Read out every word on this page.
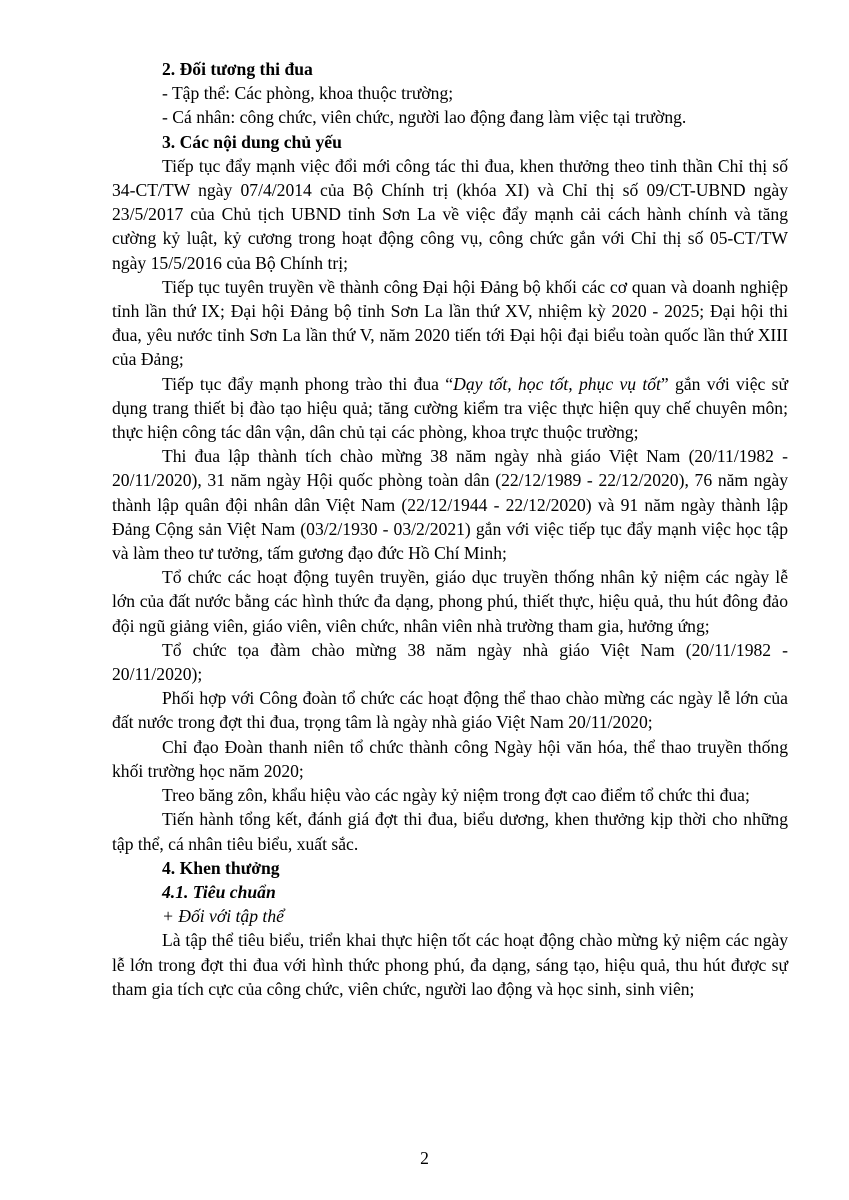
2. Đối tương thi đua

- Tập thể: Các phòng, khoa thuộc trường;

- Cá nhân: công chức, viên chức, người lao động đang làm việc tại trường.

3. Các nội dung chủ yếu

Tiếp tục đẩy mạnh việc đổi mới công tác thi đua, khen thưởng theo tinh thần Chỉ thị số 34-CT/TW ngày 07/4/2014 của Bộ Chính trị (khóa XI) và Chỉ thị số 09/CT-UBND ngày 23/5/2017 của Chủ tịch UBND tỉnh Sơn La về việc đẩy mạnh cải cách hành chính và tăng cường kỷ luật, kỷ cương trong hoạt động công vụ, công chức gắn với Chỉ thị số 05-CT/TW ngày 15/5/2016 của Bộ Chính trị;

Tiếp tục tuyên truyền về thành công Đại hội Đảng bộ khối các cơ quan và doanh nghiệp tỉnh lần thứ IX; Đại hội Đảng bộ tỉnh Sơn La lần thứ XV, nhiệm kỳ 2020 - 2025; Đại hội thi đua, yêu nước tỉnh Sơn La lần thứ V, năm 2020 tiến tới Đại hội đại biểu toàn quốc lần thứ XIII của Đảng;

Tiếp tục đẩy mạnh phong trào thi đua “Dạy tốt, học tốt, phục vụ tốt” gắn với việc sử dụng trang thiết bị đào tạo hiệu quả; tăng cường kiểm tra việc thực hiện quy chế chuyên môn; thực hiện công tác dân vận, dân chủ tại các phòng, khoa trực thuộc trường;

Thi đua lập thành tích chào mừng 38 năm ngày nhà giáo Việt Nam (20/11/1982 - 20/11/2020), 31 năm ngày Hội quốc phòng toàn dân (22/12/1989 - 22/12/2020), 76 năm ngày thành lập quân đội nhân dân Việt Nam (22/12/1944 - 22/12/2020) và 91 năm ngày thành lập Đảng Cộng sản Việt Nam (03/2/1930 - 03/2/2021) gắn với việc tiếp tục đẩy mạnh việc học tập và làm theo tư tưởng, tấm gương đạo đức Hồ Chí Minh;

Tổ chức các hoạt động tuyên truyền, giáo dục truyền thống nhân kỷ niệm các ngày lễ lớn của đất nước bằng các hình thức đa dạng, phong phú, thiết thực, hiệu quả, thu hút đông đảo đội ngũ giảng viên, giáo viên, viên chức, nhân viên nhà trường tham gia, hưởng ứng;

Tổ chức tọa đàm chào mừng 38 năm ngày nhà giáo Việt Nam (20/11/1982 - 20/11/2020);

Phối hợp với Công đoàn tổ chức các hoạt động thể thao chào mừng các ngày lễ lớn của đất nước trong đợt thi đua, trọng tâm là ngày nhà giáo Việt Nam 20/11/2020;

Chỉ đạo Đoàn thanh niên tổ chức thành công Ngày hội văn hóa, thể thao truyền thống khối trường học năm 2020;

Treo băng zôn, khẩu hiệu vào các ngày kỷ niệm trong đợt cao điểm tổ chức thi đua;

Tiến hành tổng kết, đánh giá đợt thi đua, biểu dương, khen thưởng kịp thời cho những tập thể, cá nhân tiêu biểu, xuất sắc.

4. Khen thưởng

4.1. Tiêu chuẩn

+ Đối với tập thể

Là tập thể tiêu biểu, triển khai thực hiện tốt các hoạt động chào mừng kỷ niệm các ngày lễ lớn trong đợt thi đua với hình thức phong phú, đa dạng, sáng tạo, hiệu quả, thu hút được sự tham gia tích cực của công chức, viên chức, người lao động và học sinh, sinh viên;

2
